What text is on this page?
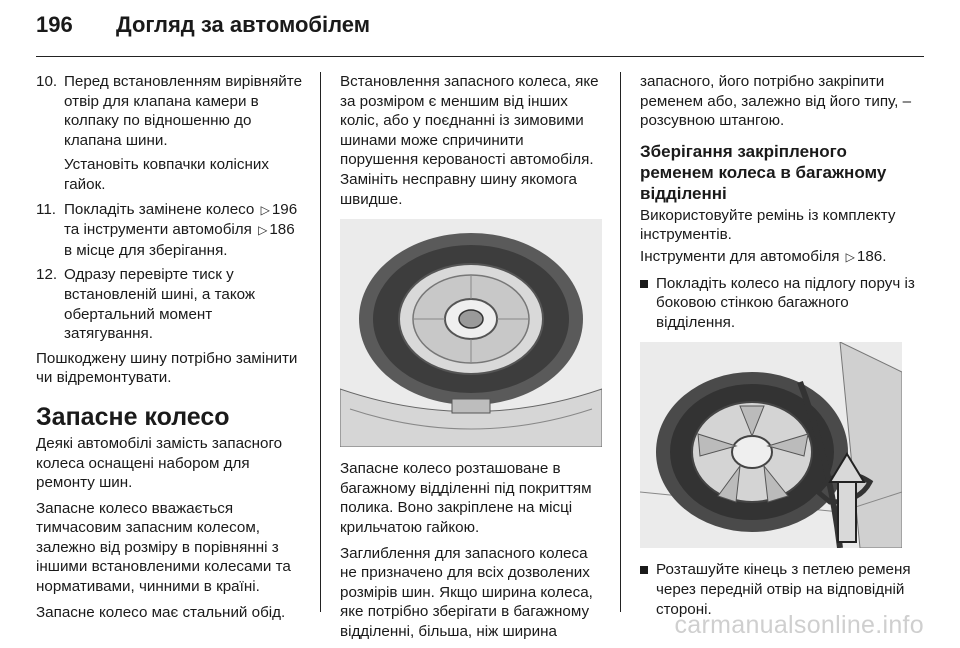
196 Догляд за автомобілем
10. Перед встановленням вирівняйте отвір для клапана камери в колпаку по відношенню до клапана шини.

Установіть ковпачки колісних гайок.

11. Покладіть замінене колесо ▷ 196 та інструменти автомобіля ▷ 186 в місце для зберігання.

12. Одразу перевірте тиск у встановленій шині, а також обертальний момент затягування.

Пошкоджену шину потрібно замінити чи відремонтувати.

Запасне колесо

Деякі автомобілі замість запасного колеса оснащені набором для ремонту шин.

Запасне колесо вважається тимчасовим запасним колесом, залежно від розміру в порівнянні з іншими встановленими колесами та нормативами, чинними в країні.

Запасне колесо має стальний обід.

Встановлення запасного колеса, яке за розміром є меншим від інших коліс, або у поєднанні із зимовими шинами може спричинити порушення керованості автомобіля. Замініть несправну шину якомога швидше.

Запасне колесо розташоване в багажному відділенні під покриттям полика. Воно закріплене на місці крильчатою гайкою.

Заглиблення для запасного колеса не призначено для всіх дозволених розмірів шин. Якщо ширина колеса, яке потрібно зберігати в багажному відділенні, більша, ніж ширина

запасного, його потрібно закріпити ременем або, залежно від його типу, – розсувною штангою.

Зберігання закріпленого ременем колеса в багажному відділенні

Використовуйте ремінь із комплекту інструментів.

Інструменти для автомобіля ▷ 186.

Покладіть колесо на підлогу поруч із боковою стінкою багажного відділення.
Розташуйте кінець з петлею ременя через передній отвір на відповідній стороні.
carmanualsonline.info
